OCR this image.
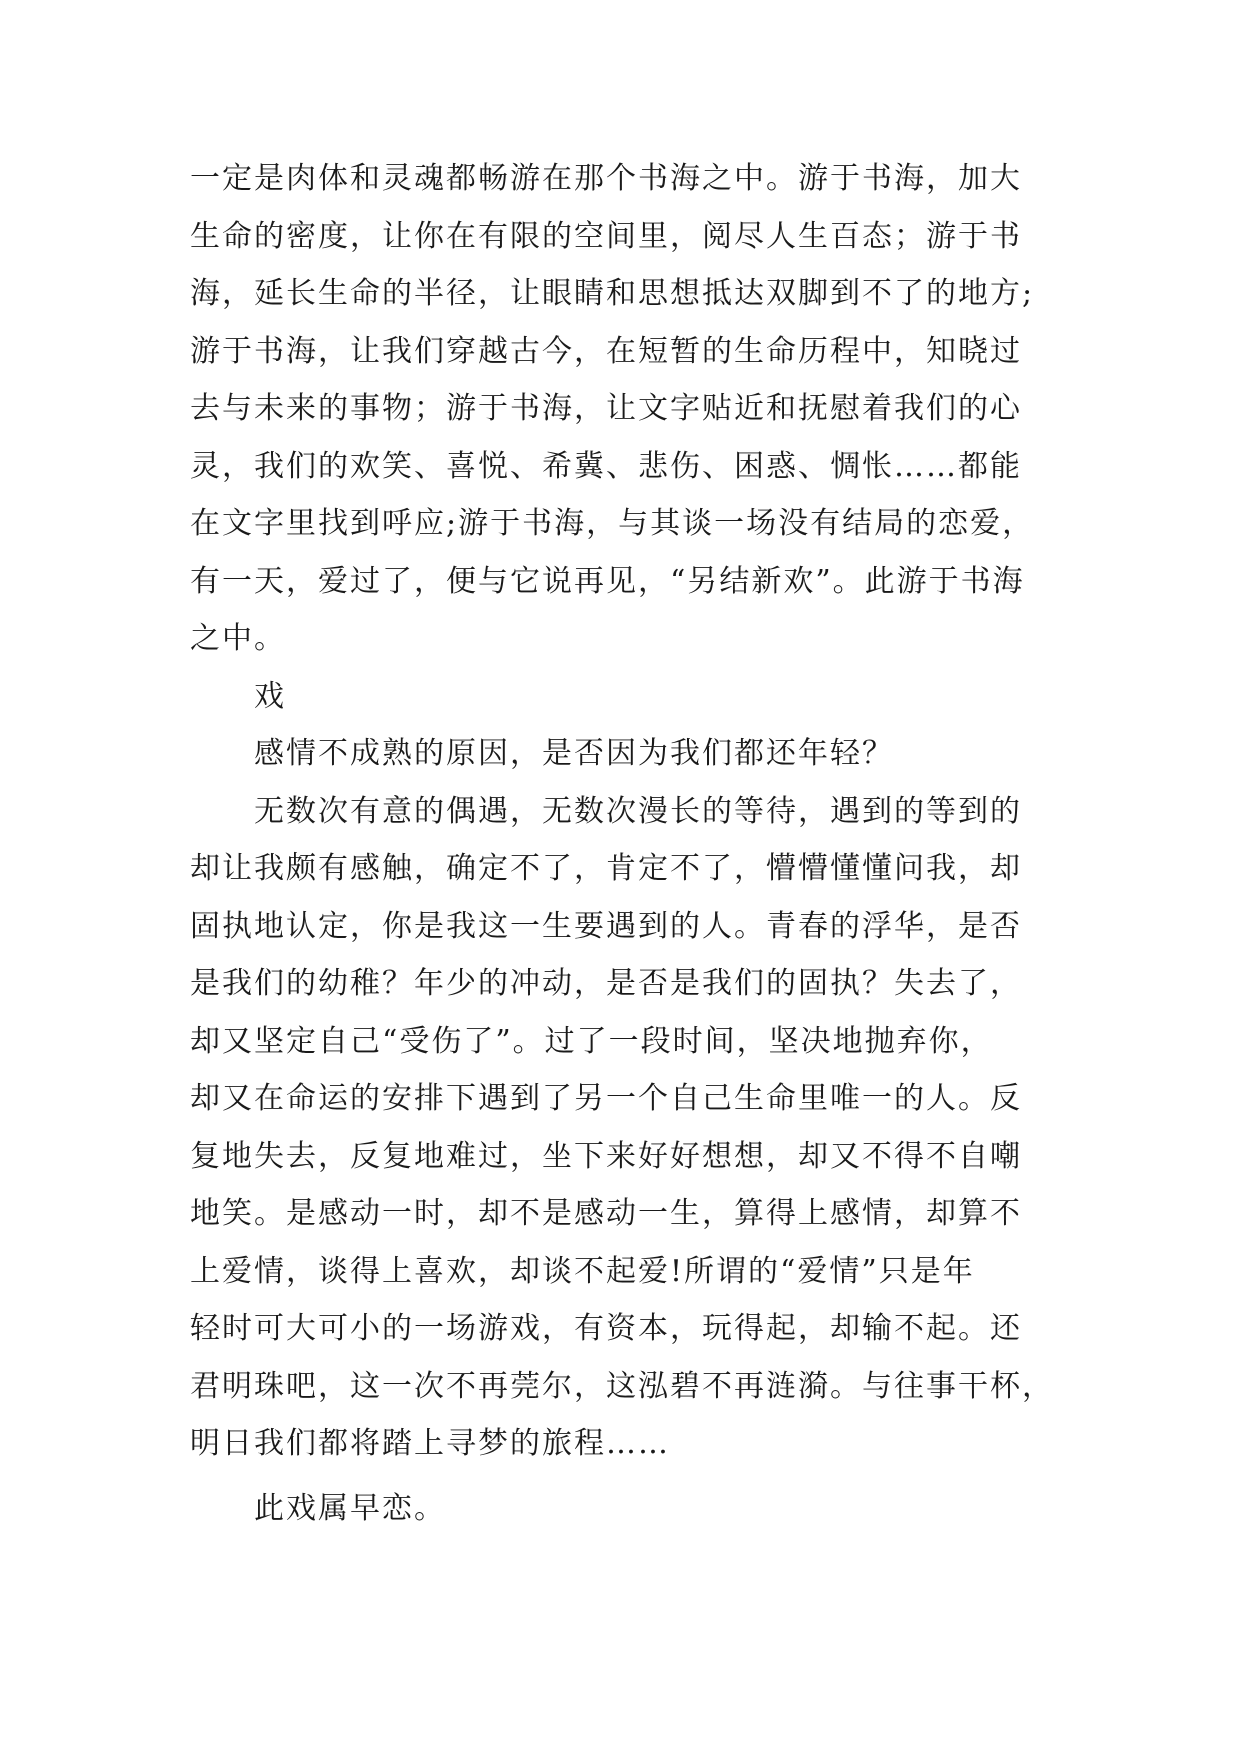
一定是肉体和灵魂都畅游在那个书海之中。游于书海，加大
生命的密度，让你在有限的空间里，阅尽人生百态；游于书
海，延长生命的半径，让眼睛和思想抵达双脚到不了的地方;
游于书海，让我们穿越古今，在短暂的生命历程中，知晓过
去与未来的事物；游于书海，让文字贴近和抚慰着我们的心
灵，我们的欢笑、喜悦、希冀、悲伤、困惑、惆怅……都能
在文字里找到呼应;游于书海，与其谈一场没有结局的恋爱，
有一天，爱过了，便与它说再见，“另结新欢”。此游于书海
之中。
戏
感情不成熟的原因，是否因为我们都还年轻？
无数次有意的偶遇，无数次漫长的等待，遇到的等到的
却让我颇有感触，确定不了，肯定不了，懵懵懂懂问我，却
固执地认定，你是我这一生要遇到的人。青春的浮华，是否
是我们的幼稚？年少的冲动，是否是我们的固执？失去了，
却又坚定自己“受伤了”。过了一段时间，坚决地抛弃你，
却又在命运的安排下遇到了另一个自己生命里唯一的人。反
复地失去，反复地难过，坐下来好好想想，却又不得不自嘲
地笑。是感动一时，却不是感动一生，算得上感情，却算不
上爱情，谈得上喜欢，却谈不起爱!所谓的“爱情”只是年
轻时可大可小的一场游戏，有资本，玩得起，却输不起。还
君明珠吧，这一次不再莞尔，这泓碧不再涟漪。与往事干杯，
明日我们都将踏上寻梦的旅程……
此戏属早恋。
